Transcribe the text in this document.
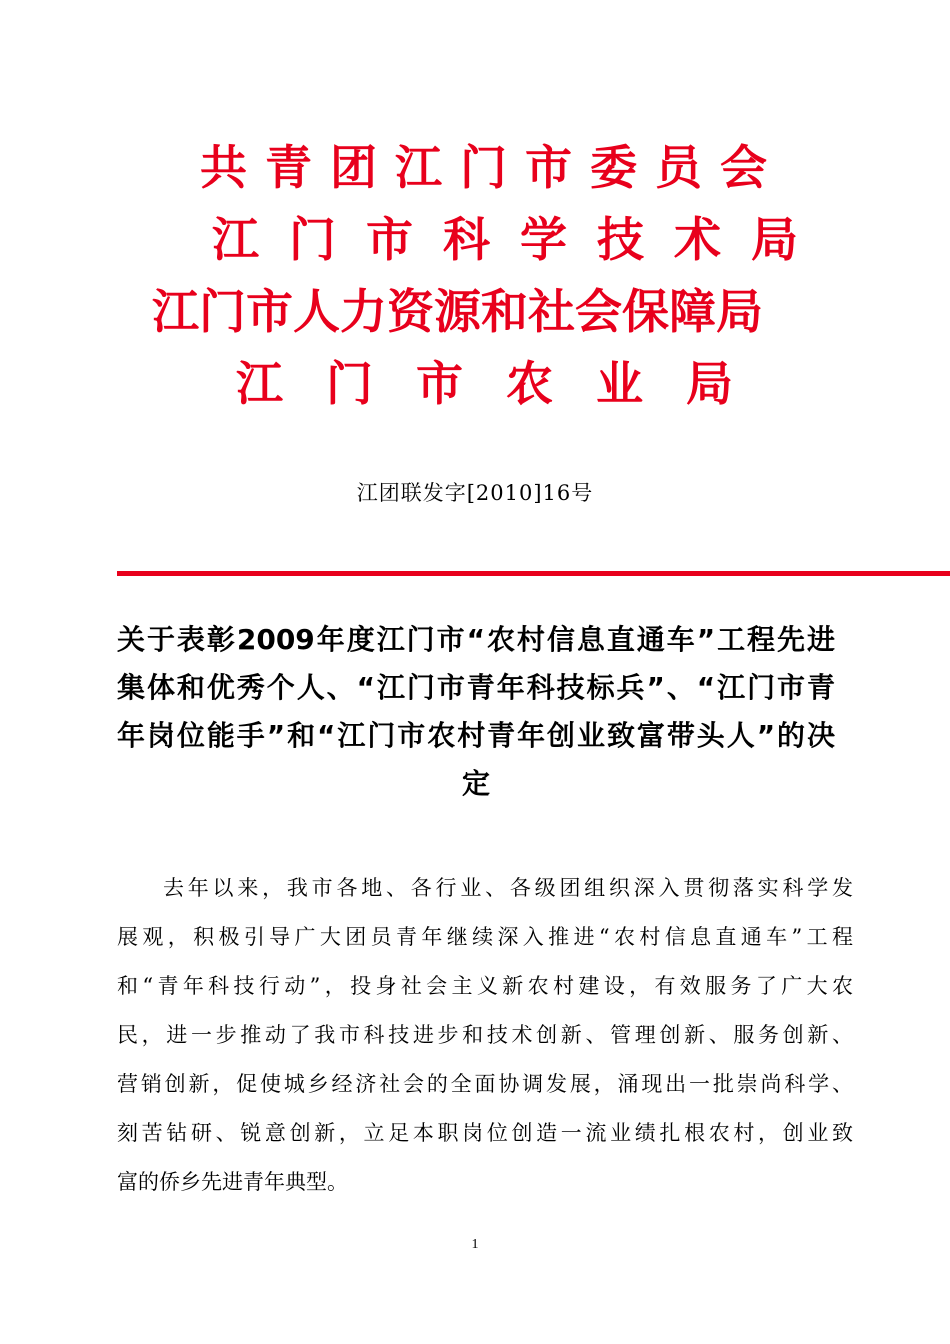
共青团江门市委员会
江门市科学技术局
江门市人力资源和社会保障局
江门市农业局
江团联发字[2010]16号
关于表彰2009年度江门市“农村信息直通车”工程先进
集体和优秀个人、“江门市青年科技标兵”、“江门市青
年岗位能手”和“江门市农村青年创业致富带头人”的决
定
去年以来，我市各地、各行业、各级团组织深入贯彻落实科学发
展观，积极引导广大团员青年继续深入推进“农村信息直通车”工程
和“青年科技行动”，投身社会主义新农村建设，有效服务了广大农
民，进一步推动了我市科技进步和技术创新、管理创新、服务创新、
营销创新，促使城乡经济社会的全面协调发展，涌现出一批崇尚科学、
刻苦钻研、锐意创新，立足本职岗位创造一流业绩扎根农村，创业致
富的侨乡先进青年典型。
1
